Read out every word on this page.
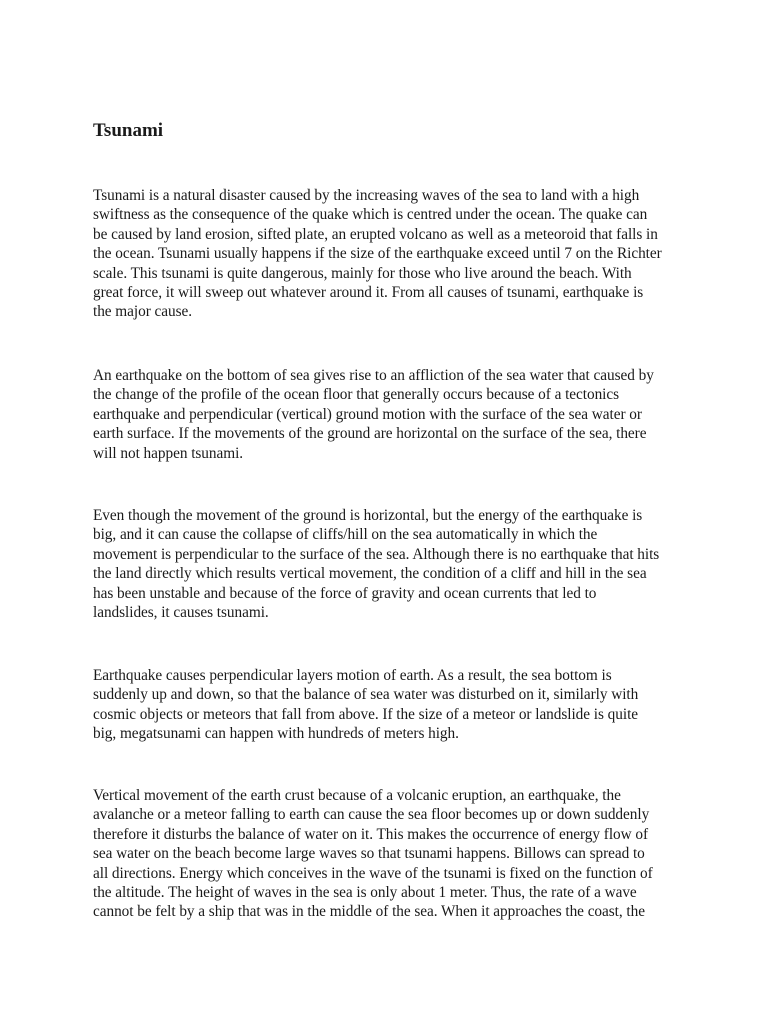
Tsunami
Tsunami is a natural disaster caused by the increasing waves of the sea to land with a high
swiftness as the consequence of the quake which is centred under the ocean. The quake can
be caused by land erosion, sifted plate, an erupted volcano as well as a meteoroid that falls in
the ocean. Tsunami usually happens if the size of the earthquake exceed until 7 on the Richter
scale. This tsunami is quite dangerous, mainly for those who live around the beach. With
great force, it will sweep out whatever around it. From all causes of tsunami, earthquake is
the major cause.
An earthquake on the bottom of sea gives rise to an affliction of the sea water that caused by
the change of the profile of the ocean floor that generally occurs because of a tectonics
earthquake and perpendicular (vertical) ground motion with the surface of the sea water or
earth surface. If the movements of the ground are horizontal on the surface of the sea, there
will not happen tsunami.
Even though the movement of the ground is horizontal, but the energy of the earthquake is
big, and it can cause the collapse of cliffs/hill on the sea automatically in which the
movement is perpendicular to the surface of the sea. Although there is no earthquake that hits
the land directly which results vertical movement, the condition of a cliff and hill in the sea
has been unstable and because of the force of gravity and ocean currents that led to
landslides, it causes tsunami.
Earthquake causes perpendicular layers motion of earth. As a result, the sea bottom is
suddenly up and down, so that the balance of sea water was disturbed on it, similarly with
cosmic objects or meteors that fall from above. If the size of a meteor or landslide is quite
big, megatsunami can happen with hundreds of meters high.
Vertical movement of the earth crust because of a volcanic eruption, an earthquake, the
avalanche or a meteor falling to earth can cause the sea floor becomes up or down suddenly
therefore it disturbs the balance of water on it. This makes the occurrence of energy flow of
sea water on the beach become large waves so that tsunami happens. Billows can spread to
all directions. Energy which conceives in the wave of the tsunami is fixed on the function of
the altitude. The height of waves in the sea is only about 1 meter. Thus, the rate of a wave
cannot be felt by a ship that was in the middle of the sea. When it approaches the coast, the
